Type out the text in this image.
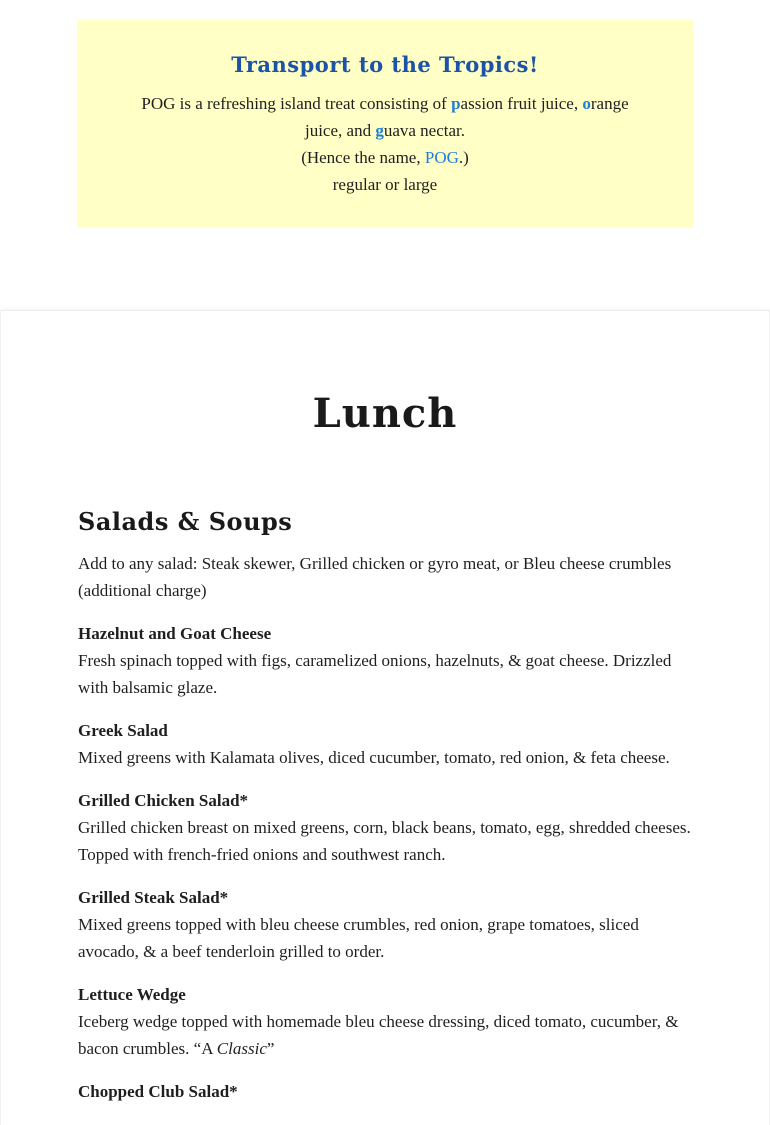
Transport to the Tropics!

POG is a refreshing island treat consisting of passion fruit juice, orange

juice, and guava nectar.

(Hence the name, POG.)

regular or large

Lunch
Salads & Soups

Add to any salad: Steak skewer, Grilled chicken or gyro meat, or Bleu cheese crumbles (additional charge)

Hazelnut and Goat Cheese

Fresh spinach topped with figs, caramelized onions, hazelnuts, & goat cheese. Drizzled with balsamic glaze.

Greek Salad

Mixed greens with Kalamata olives, diced cucumber, tomato, red onion, & feta cheese.

Grilled Chicken Salad*

Grilled chicken breast on mixed greens, corn, black beans, tomato, egg, shredded cheeses. Topped with french-fried onions and southwest ranch.

Grilled Steak Salad*

Mixed greens topped with bleu cheese crumbles, red onion, grape tomatoes, sliced avocado, & a beef tenderloin grilled to order.

Lettuce Wedge

Iceberg wedge topped with homemade bleu cheese dressing, diced tomato, cucumber, & bacon crumbles. “A Classic”

Chopped Club Salad*
